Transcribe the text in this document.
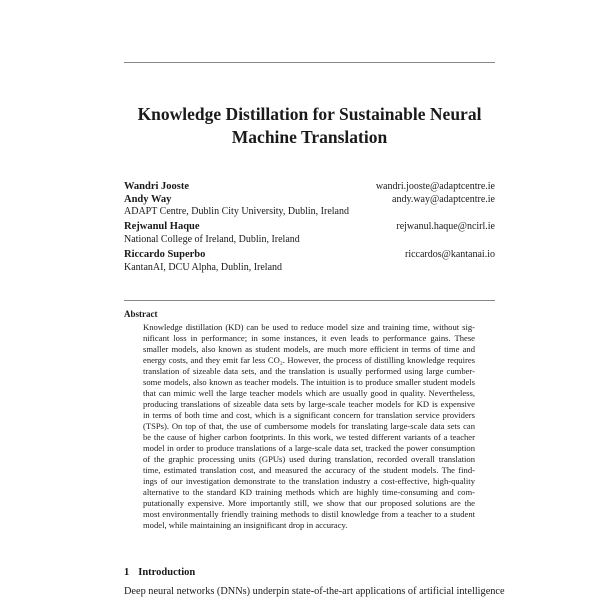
Knowledge Distillation for Sustainable Neural
Machine Translation
Wandri Jooste	wandri.jooste@adaptcentre.ie
Andy Way	andy.way@adaptcentre.ie
ADAPT Centre, Dublin City University, Dublin, Ireland
Rejwanul Haque	rejwanul.haque@ncirl.ie
National College of Ireland, Dublin, Ireland
Riccardo Superbo	riccardos@kantanai.io
KantanAI, DCU Alpha, Dublin, Ireland
Abstract
Knowledge distillation (KD) can be used to reduce model size and training time, without sig-
nificant loss in performance; in some instances, it even leads to performance gains. These
smaller models, also known as student models, are much more efficient in terms of time and
energy costs, and they emit far less CO₂. However, the process of distilling knowledge requires
translation of sizeable data sets, and the translation is usually performed using large cumber-
some models, also known as teacher models. The intuition is to produce smaller student models
that can mimic well the large teacher models which are usually good in quality. Nevertheless,
producing translations of sizeable data sets by large-scale teacher models for KD is expensive
in terms of both time and cost, which is a significant concern for translation service providers
(TSPs). On top of that, the use of cumbersome models for translating large-scale data sets can
be the cause of higher carbon footprints. In this work, we tested different variants of a teacher
model in order to produce translations of a large-scale data set, tracked the power consumption
of the graphic processing units (GPUs) used during translation, recorded overall translation
time, estimated translation cost, and measured the accuracy of the student models. The find-
ings of our investigation demonstrate to the translation industry a cost-effective, high-quality
alternative to the standard KD training methods which are highly time-consuming and com-
putationally expensive. More importantly still, we show that our proposed solutions are the
most environmentally friendly training methods to distil knowledge from a teacher to a student
model, while maintaining an insignificant drop in accuracy.
1 Introduction
Deep neural networks (DNNs) underpin state-of-the-art applications of artificial intelligence
